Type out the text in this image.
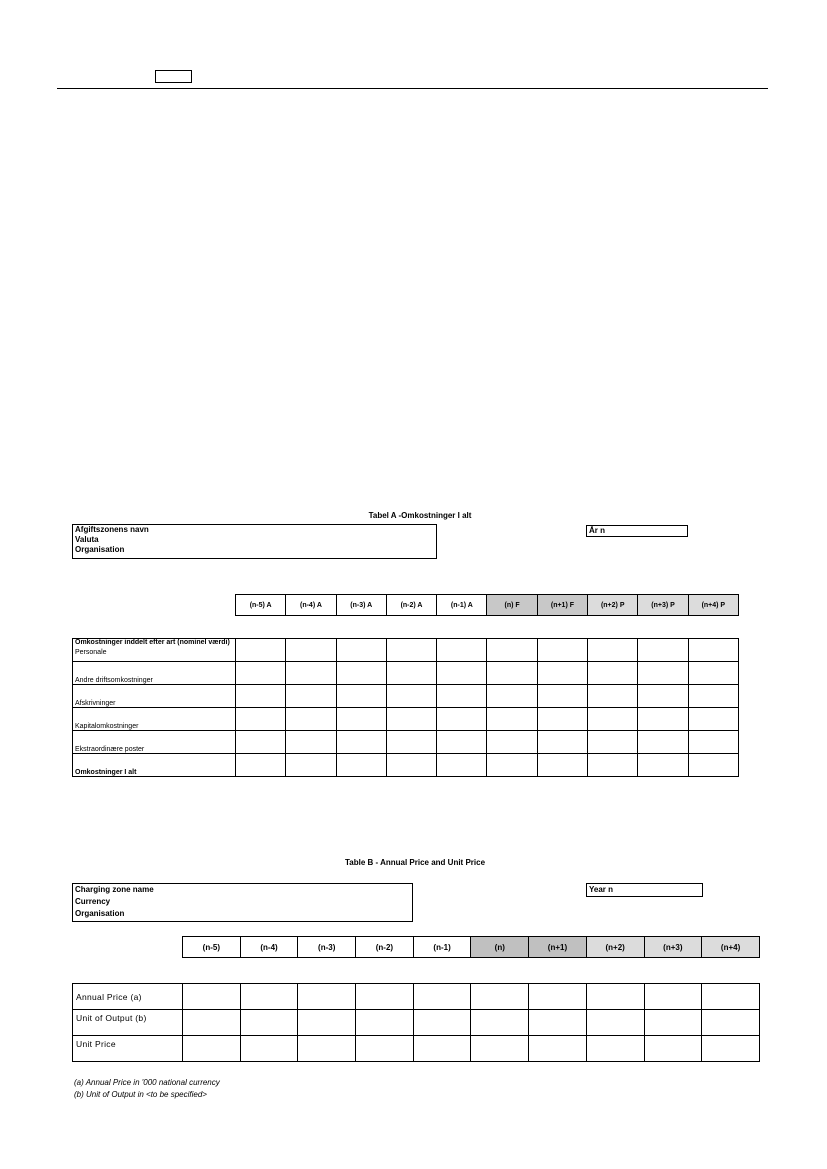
Tabel A -Omkostninger I alt
Afgiftszonens navn
Valuta
Organisation
År n
(n-5) A	(n-4) A	(n-3) A	(n-2) A	(n-1) A	(n) F	(n+1) F	(n+2) P	(n+3) P	(n+4) P
Omkostninger inddelt efter art (nominel værdi)
Personale										

Andre driftsomkostninger										
Afskrivninger										
Kapitalomkostninger										
Ekstraordinære poster										
Omkostninger I alt										
Table B - Annual Price and Unit Price
Charging zone name
Currency
Organisation
Year n
(n-5)	(n-4)	(n-3)	(n-2)	(n-1)	(n)	(n+1)	(n+2)	(n+3)	(n+4)
Annual Price (a)										
Unit of Output (b)										
Unit Price										
(a) Annual Price in '000 national currency
(b) Unit of Output in <to be specified>
